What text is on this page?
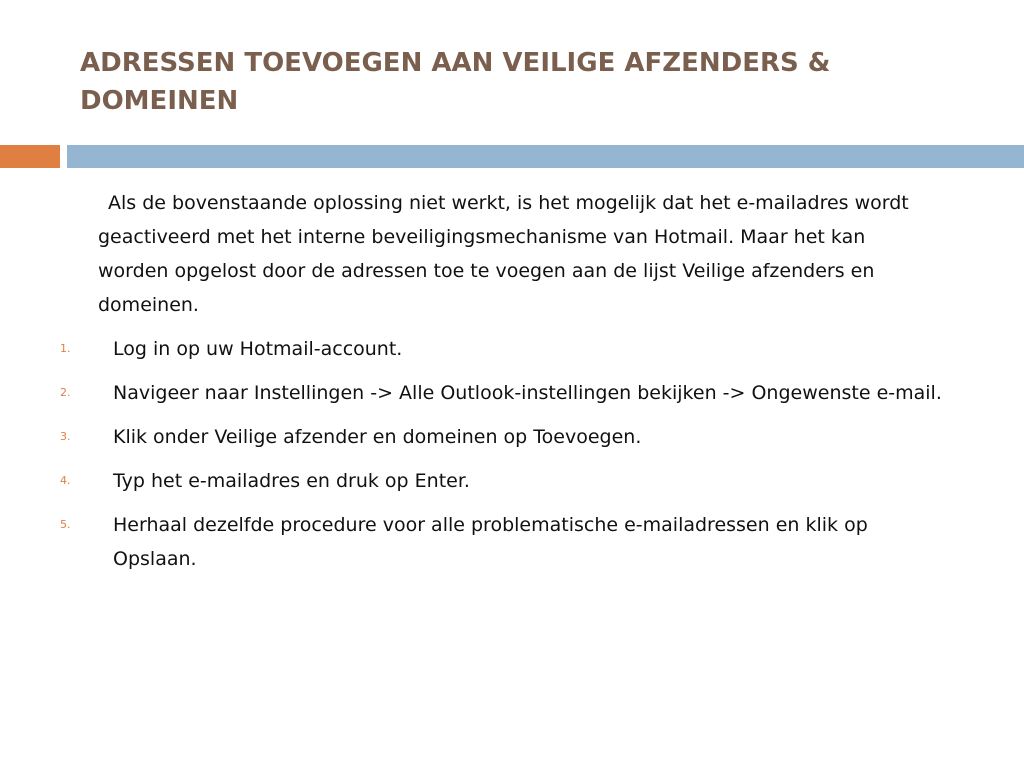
ADRESSEN TOEVOEGEN AAN VEILIGE AFZENDERS & DOMEINEN

Als de bovenstaande oplossing niet werkt, is het mogelijk dat het e-mailadres wordt geactiveerd met het interne beveiligingsmechanisme van Hotmail. Maar het kan worden opgelost door de adressen toe te voegen aan de lijst Veilige afzenders en domeinen.

1.	Log in op uw Hotmail-account.
2.	Navigeer naar Instellingen -> Alle Outlook-instellingen bekijken -> Ongewenste e-mail.
3.	Klik onder Veilige afzender en domeinen op Toevoegen.
4.	Typ het e-mailadres en druk op Enter.
5.	Herhaal dezelfde procedure voor alle problematische e-mailadressen en klik op Opslaan.
